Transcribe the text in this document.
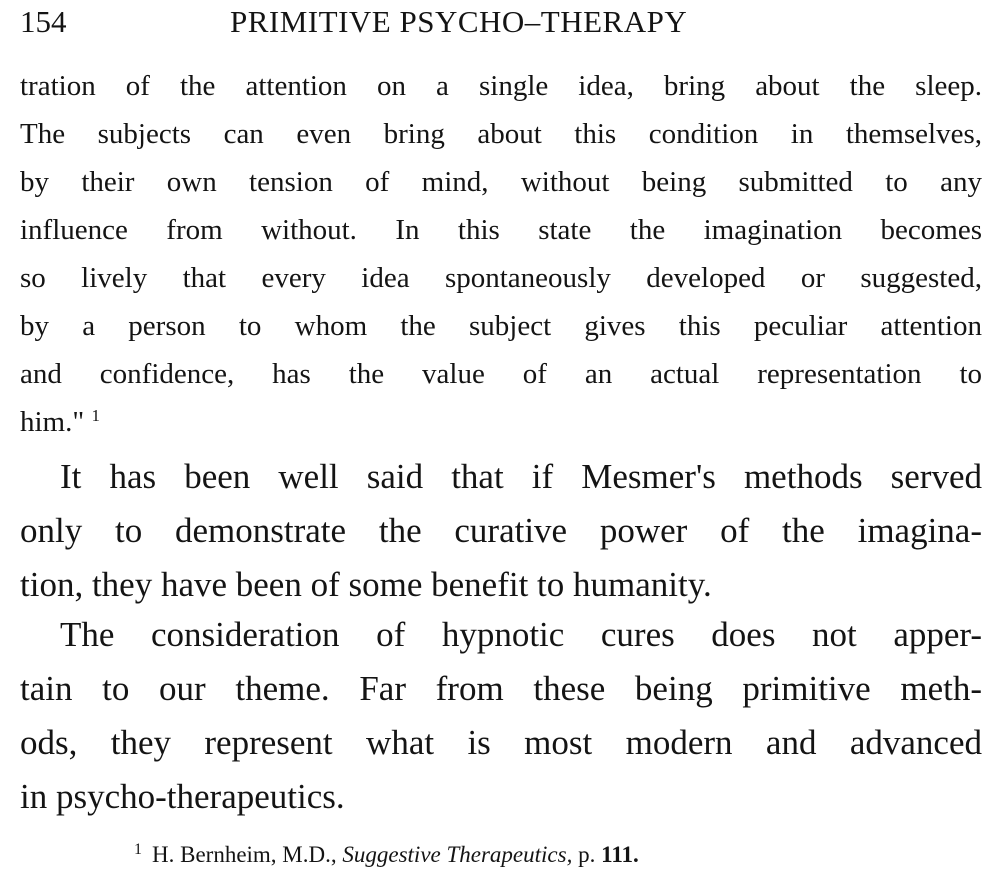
154	PRIMITIVE PSYCHO–THERAPY
tration of the attention on a single idea, bring about the sleep.
The subjects can even bring about this condition in themselves,
by their own tension of mind, without being submitted to any
influence from without. In this state the imagination becomes
so lively that every idea spontaneously developed or suggested,
by a person to whom the subject gives this peculiar attention
and confidence, has the value of an actual representation to
him." $^1$
It has been well said that if Mesmer's methods served
only to demonstrate the curative power of the imagina-
tion, they have been of some benefit to humanity.
The consideration of hypnotic cures does not apper-
tain to our theme. Far from these being primitive meth-
ods, they represent what is most modern and advanced
in psycho-therapeutics.
$^1$ H. Bernheim, M.D., Suggestive Therapeutics, p. 111.
